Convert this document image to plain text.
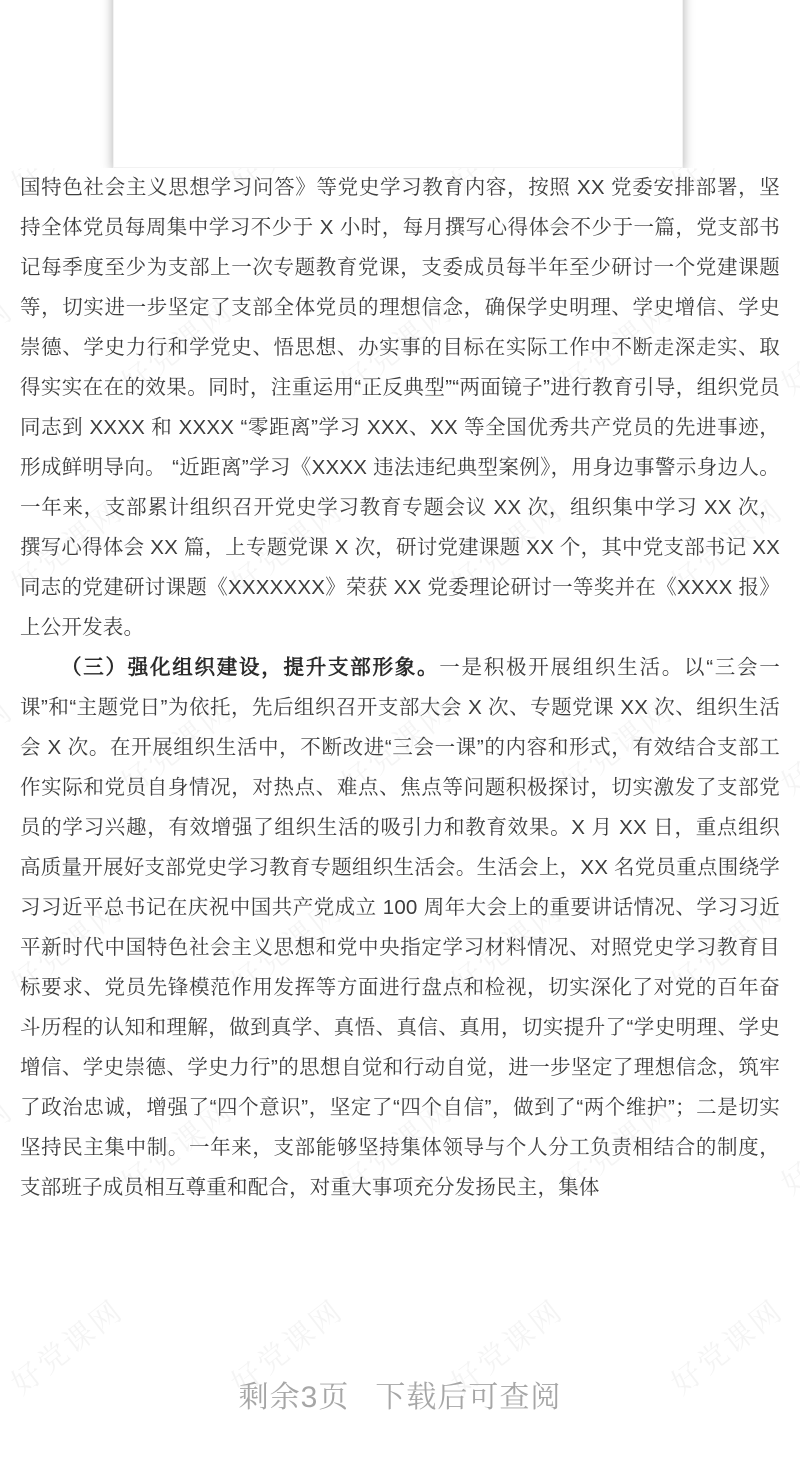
国特色社会主义思想学习问答》等党史学习教育内容，按照 XX 党委安排部署，坚持全体党员每周集中学习不少于 X 小时，每月撰写心得体会不少于一篇，党支部书记每季度至少为支部上一次专题教育党课，支委成员每半年至少研讨一个党建课题等，切实进一步坚定了支部全体党员的理想信念，确保学史明理、学史增信、学史崇德、学史力行和学党史、悟思想、办实事的目标在实际工作中不断走深走实、取得实实在在的效果。同时，注重运用“正反典型”“两面镜子”进行教育引导，组织党员同志到 XXXX 和 XXXX “零距离”学习 XXX、XX 等全国优秀共产党员的先进事迹，形成鲜明导向。 “近距离”学习《XXXX 违法违纪典型案例》，用身边事警示身边人。一年来，支部累计组织召开党史学习教育专题会议 XX 次，组织集中学习 XX 次，撰写心得体会 XX 篇，上专题党课 X 次，研讨党建课题 XX 个，其中党支部书记 XX 同志的党建研讨课题《XXXXXXX》荣获 XX 党委理论研讨一等奖并在《XXXX 报》上公开发表。

（三）强化组织建设，提升支部形象。一是积极开展组织生活。以“三会一课”和“主题党日”为依托，先后组织召开支部大会 X 次、专题党课 XX 次、组织生活会 X 次。在开展组织生活中，不断改进“三会一课”的内容和形式，有效结合支部工作实际和党员自身情况，对热点、难点、焦点等问题积极探讨，切实激发了支部党员的学习兴趣，有效增强了组织生活的吸引力和教育效果。X 月 XX 日，重点组织高质量开展好支部党史学习教育专题组织生活会。生活会上，XX 名党员重点围绕学习习近平总书记在庆祝中国共产党成立 100 周年大会上的重要讲话情况、学习习近平新时代中国特色社会主义思想和党中央指定学习材料情况、对照党史学习教育目标要求、党员先锋模范作用发挥等方面进行盘点和检视，切实深化了对党的百年奋斗历程的认知和理解，做到真学、真悟、真信、真用，切实提升了“学史明理、学史增信、学史崇德、学史力行”的思想自觉和行动自觉，进一步坚定了理想信念，筑牢了政治忠诚，增强了“四个意识”，坚定了“四个自信”，做到了“两个维护”；二是切实坚持民主集中制。一年来，支部能够坚持集体领导与个人分工负责相结合的制度，支部班子成员相互尊重和配合，对重大事项充分发扬民主，集体

剩余3页 下载后可查阅
